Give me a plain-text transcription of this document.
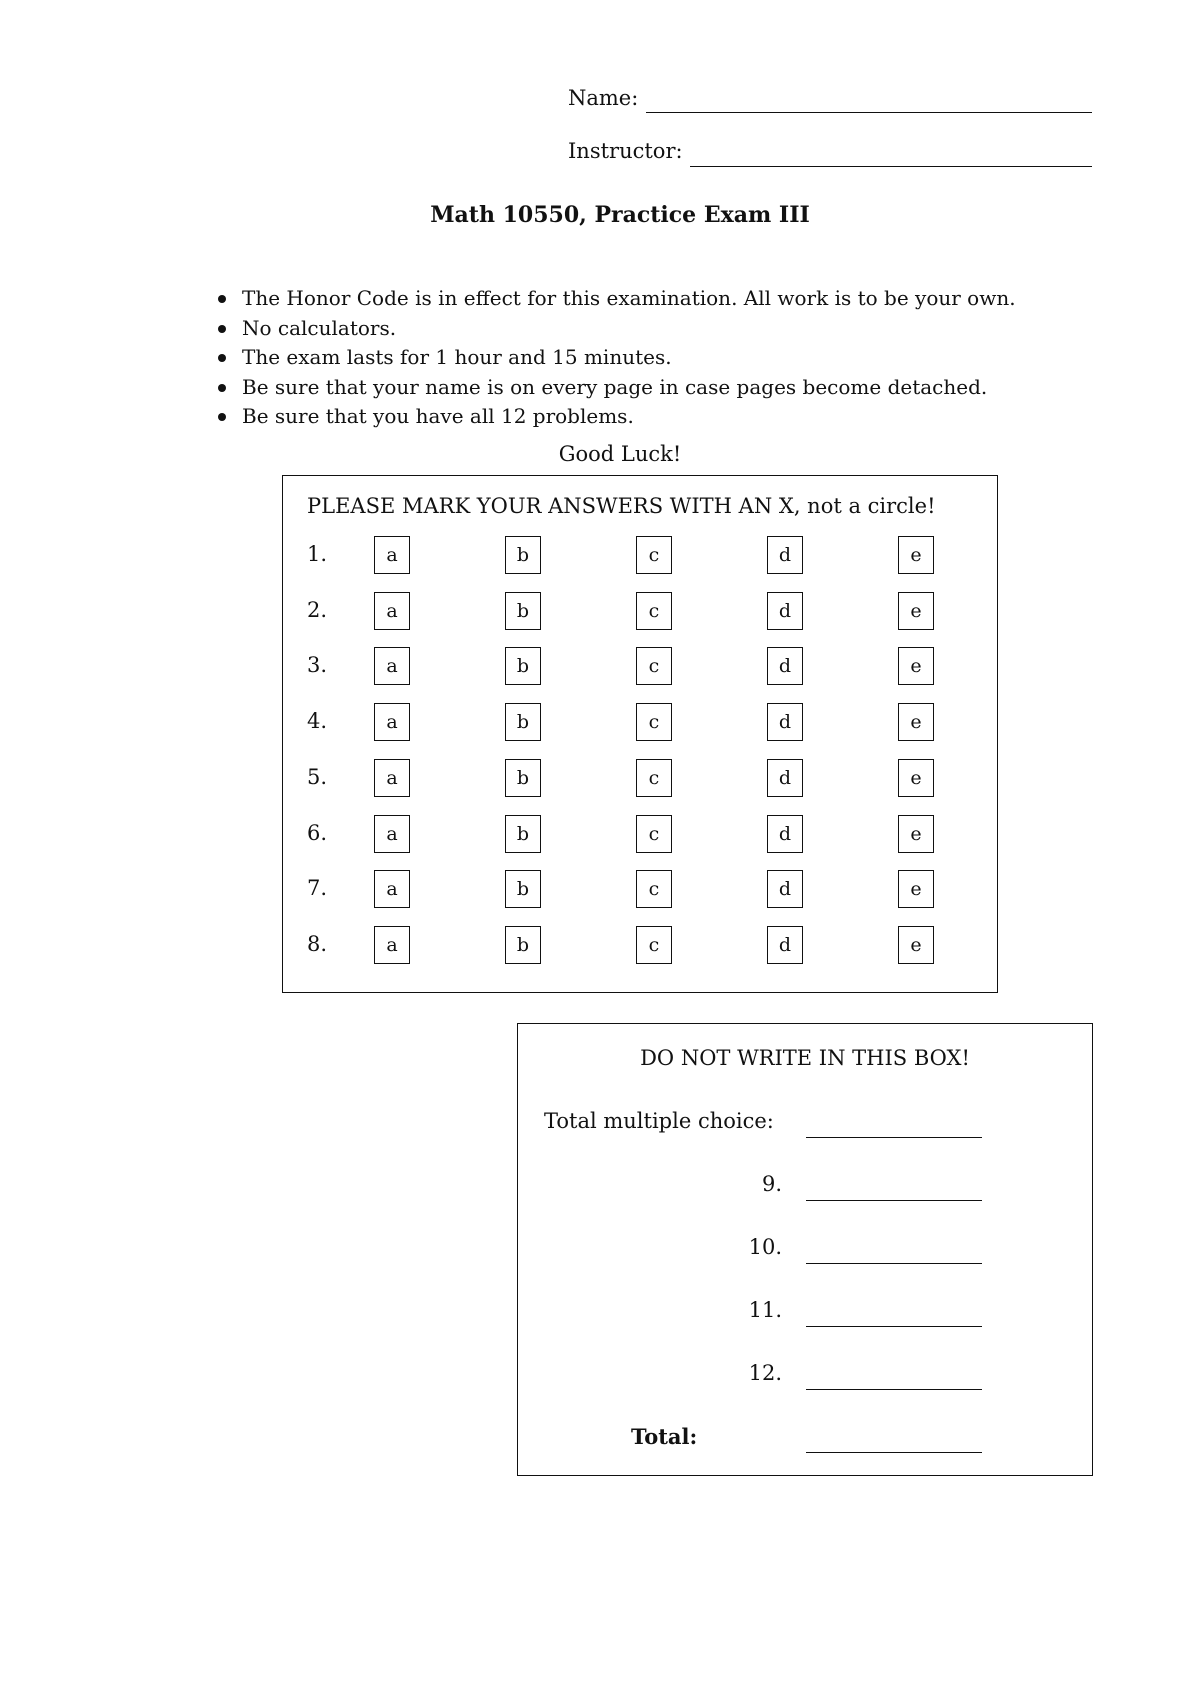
Name:
Instructor:
Math 10550, Practice Exam III
The Honor Code is in effect for this examination. All work is to be your own.
No calculators.
The exam lasts for 1 hour and 15 minutes.
Be sure that your name is on every page in case pages become detached.
Be sure that you have all 12 problems.
Good Luck!
PLEASE MARK YOUR ANSWERS WITH AN X, not a circle!
1.	a	b	c	d	e
2.	a	b	c	d	e
3.	a	b	c	d	e
4.	a	b	c	d	e
5.	a	b	c	d	e
6.	a	b	c	d	e
7.	a	b	c	d	e
8.	a	b	c	d	e
DO NOT WRITE IN THIS BOX!
Total multiple choice:
9.
10.
11.
12.
Total:
